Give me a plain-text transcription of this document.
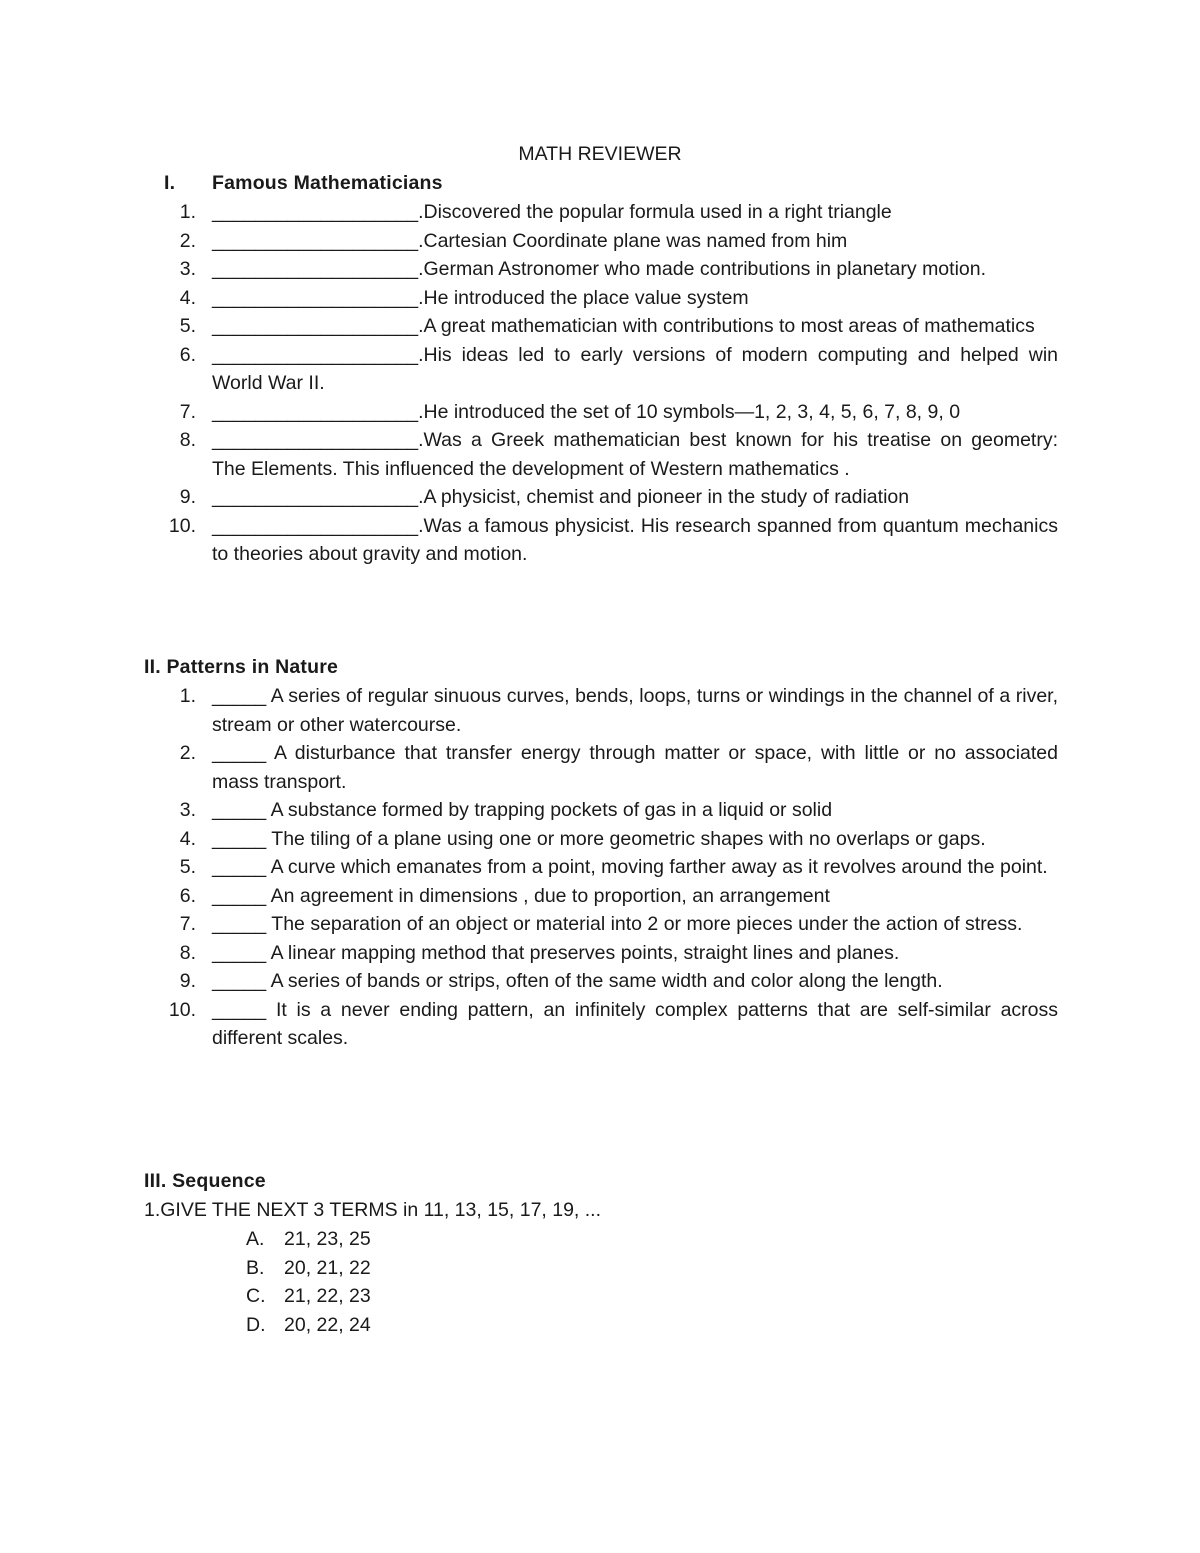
MATH REVIEWER
I.	Famous Mathematicians
1. ___________________.Discovered the popular formula used in a right triangle
2. ___________________.Cartesian Coordinate plane was named from him
3. ___________________.German Astronomer who made contributions in planetary motion.
4. ___________________.He introduced the place value system
5. ___________________.A great mathematician with contributions to most areas of mathematics
6. ___________________.His ideas led to early versions of modern computing and helped win World War II.
7. ___________________.He introduced the set of 10 symbols—1, 2, 3, 4, 5, 6, 7, 8, 9, 0
8. ___________________.Was a Greek mathematician best known for his treatise on geometry: The Elements. This influenced the development of Western mathematics .
9. ___________________.A physicist, chemist and pioneer in the study of radiation
10. ___________________.Was a famous physicist. His research spanned from quantum mechanics to theories about gravity and motion.
II. Patterns in Nature
1. _____ A series of regular sinuous curves, bends, loops, turns or windings in the channel of a river, stream or other watercourse.
2. _____ A disturbance that transfer energy through matter or space, with little or no associated mass transport.
3. _____ A substance formed by trapping pockets of gas in a liquid or solid
4. _____ The tiling of a plane using one or more geometric shapes with no overlaps or gaps.
5. _____ A curve which emanates from a point, moving farther away as it revolves around the point.
6. _____ An agreement in dimensions , due to proportion, an arrangement
7. _____ The separation of an object or material into 2 or more pieces under the action of stress.
8. _____ A linear mapping method that preserves points, straight lines and planes.
9. _____ A series of bands or strips, often of the same width and color along the length.
10. _____ It is a never ending pattern, an infinitely complex patterns that are self-similar across different scales.
III. Sequence
1.GIVE THE NEXT 3 TERMS in 11, 13, 15, 17, 19, ...
A. 21, 23, 25
B. 20, 21, 22
C. 21, 22, 23
D. 20, 22, 24
